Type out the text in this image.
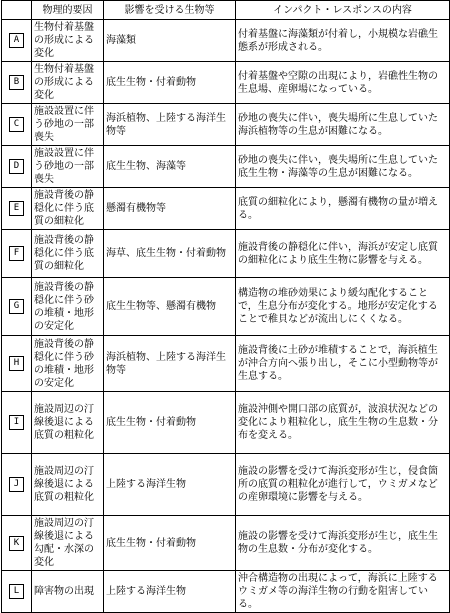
	物理的要因	影響を受ける生物等	インパクト・レスポンスの内容
A	生物付着基盤の形成による変化	海藻類	付着基盤に海藻類が付着し，小規模な岩礁生態系が形成される。
B	生物付着基盤の形成による変化	底生生物・付着動物	付着基盤や空隙の出現により，岩礁性生物の生息場、産卵場になっている。
C	施設設置に伴う砂地の一部喪失	海浜植物、上陸する海洋生物等	砂地の喪失に伴い，喪失場所に生息していた海浜植物等の生息が困難になる。
D	施設設置に伴う砂地の一部喪失	底生生物、海藻等	砂地の喪失に伴い，喪失場所に生息していた底生生物・海藻等の生息が困難になる。
E	施設背後の静穏化に伴う底質の細粒化	懸濁有機物等	底質の細粒化により，懸濁有機物の量が増える。
F	施設背後の静穏化に伴う底質の細粒化	海草、底生生物・付着動物	施設背後の静穏化に伴い，海浜が安定し底質の細粒化により底生生物に影響を与える。
G	施設背後の静穏化に伴う砂の堆積・地形の安定化	底生生物等、懸濁有機物	構造物の堆砂効果により緩勾配化することで，生息分布が変化する。地形が安定化することで稚貝などが流出しにくくなる。
H	施設背後の静穏化に伴う砂の堆積・地形の安定化	海浜植物、上陸する海洋生物等	施設背後に土砂が堆積することで，海浜植生が沖合方向へ張り出し，そこに小型動物等が生息する。
I	施設周辺の汀線後退による底質の粗粒化	底生生物・付着動物	施設沖側や開口部の底質が，波浪状況などの変化により粗粒化し，底生生物の生息数・分布を変える。
J	施設周辺の汀線後退による底質の粗粒化	上陸する海洋生物	施設の影響を受けて海浜変形が生じ，侵食箇所の底質の粗粒化が進行して，ウミガメなどの産卵環境に影響を与える。
K	施設周辺の汀線後退による勾配・水深の変化	底生生物・付着動物	施設の影響を受けて海浜変形が生じ，底生生物の生息数・分布が変化する。
L	障害物の出現	上陸する海洋生物	沖合構造物の出現によって，海浜に上陸するウミガメ等の海洋生物の行動を阻害している。
